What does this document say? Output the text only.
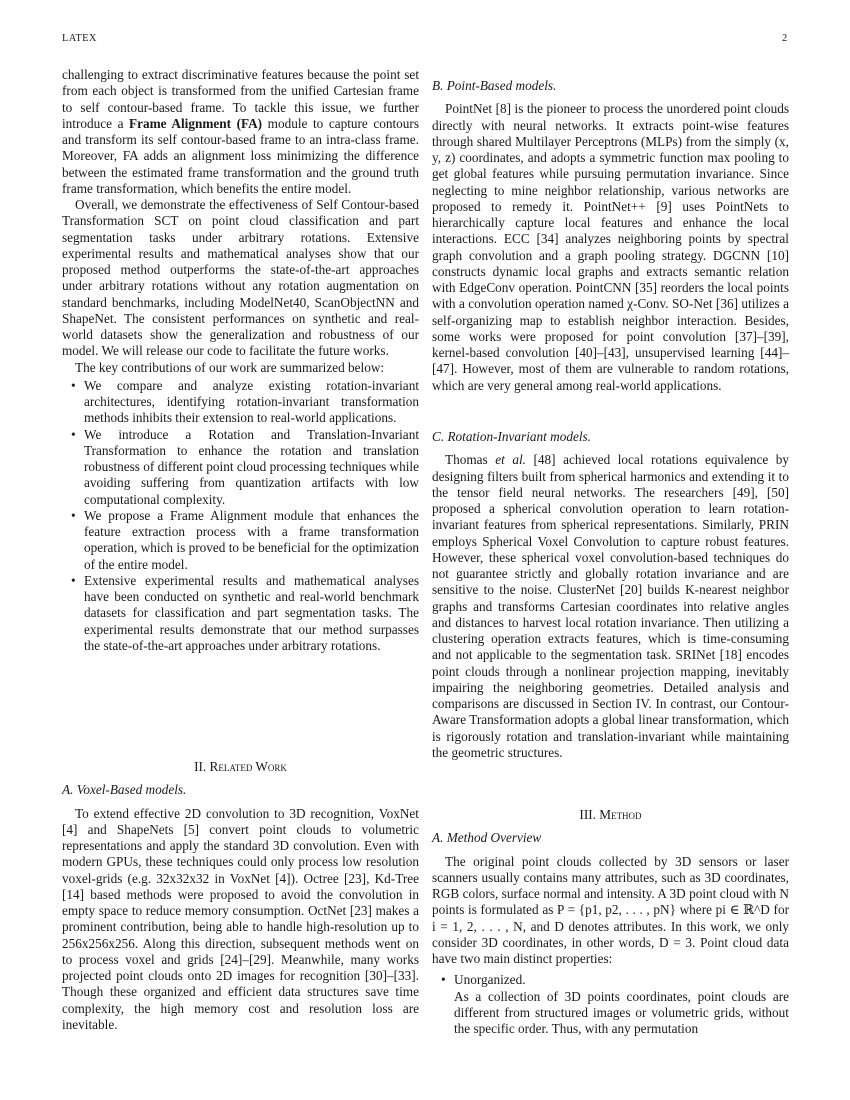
LATEX	2

challenging to extract discriminative features because the point set from each object is transformed from the unified Cartesian frame to self contour-based frame. To tackle this issue, we further introduce a Frame Alignment (FA) module to capture contours and transform its self contour-based frame to an intra-class frame. Moreover, FA adds an alignment loss minimizing the difference between the estimated frame transformation and the ground truth frame transformation, which benefits the entire model.

Overall, we demonstrate the effectiveness of Self Contour-based Transformation SCT on point cloud classification and part segmentation tasks under arbitrary rotations. Extensive experimental results and mathematical analyses show that our proposed method outperforms the state-of-the-art approaches under arbitrary rotations without any rotation augmentation on standard benchmarks, including ModelNet40, ScanObjectNN and ShapeNet. The consistent performances on synthetic and real-world datasets show the generalization and robustness of our model. We will release our code to facilitate the future works.

The key contributions of our work are summarized below:

• We compare and analyze existing rotation-invariant architectures, identifying rotation-invariant transformation methods inhibits their extension to real-world applications.
• We introduce a Rotation and Translation-Invariant Transformation to enhance the rotation and translation robustness of different point cloud processing techniques while avoiding suffering from quantization artifacts with low computational complexity.
• We propose a Frame Alignment module that enhances the feature extraction process with a frame transformation operation, which is proved to be beneficial for the optimization of the entire model.
• Extensive experimental results and mathematical analyses have been conducted on synthetic and real-world benchmark datasets for classification and part segmentation tasks. The experimental results demonstrate that our method surpasses the state-of-the-art approaches under arbitrary rotations.
II. Related Work
A. Voxel-Based models.

To extend effective 2D convolution to 3D recognition, VoxNet [4] and ShapeNets [5] convert point clouds to volumetric representations and apply the standard 3D convolution. Even with modern GPUs, these techniques could only process low resolution voxel-grids (e.g. 32x32x32 in VoxNet [4]). Octree [23], Kd-Tree [14] based methods were proposed to avoid the convolution in empty space to reduce memory consumption. OctNet [23] makes a prominent contribution, being able to handle high-resolution up to 256x256x256. Along this direction, subsequent methods went on to process voxel and grids [24]–[29]. Meanwhile, many works projected point clouds onto 2D images for recognition [30]–[33]. Though these organized and efficient data structures save time complexity, the high memory cost and resolution loss are inevitable.

B. Point-Based models.

PointNet [8] is the pioneer to process the unordered point clouds directly with neural networks. It extracts point-wise features through shared Multilayer Perceptrons (MLPs) from the simply (x, y, z) coordinates, and adopts a symmetric function max pooling to get global features while pursuing permutation invariance. Since neglecting to mine neighbor relationship, various networks are proposed to remedy it. PointNet++ [9] uses PointNets to hierarchically capture local features and enhance the local interactions. ECC [34] analyzes neighboring points by spectral graph convolution and a graph pooling strategy. DGCNN [10] constructs dynamic local graphs and extracts semantic relation with EdgeConv operation. PointCNN [35] reorders the local points with a convolution operation named χ-Conv. SO-Net [36] utilizes a self-organizing map to establish neighbor interaction. Besides, some works were proposed for point convolution [37]–[39], kernel-based convolution [40]–[43], unsupervised learning [44]–[47]. However, most of them are vulnerable to random rotations, which are very general among real-world applications.

C. Rotation-Invariant models.

Thomas et al. [48] achieved local rotations equivalence by designing filters built from spherical harmonics and extending it to the tensor field neural networks. The researchers [49], [50] proposed a spherical convolution operation to learn rotation-invariant features from spherical representations. Similarly, PRIN employs Spherical Voxel Convolution to capture robust features. However, these spherical voxel convolution-based techniques do not guarantee strictly and globally rotation invariance and are sensitive to the noise. ClusterNet [20] builds K-nearest neighbor graphs and transforms Cartesian coordinates into relative angles and distances to harvest local rotation invariance. Then utilizing a clustering operation extracts features, which is time-consuming and not applicable to the segmentation task. SRINet [18] encodes point clouds through a nonlinear projection mapping, inevitably impairing the neighboring geometries. Detailed analysis and comparisons are discussed in Section IV. In contrast, our Contour-Aware Transformation adopts a global linear transformation, which is rigorously rotation and translation-invariant while maintaining the geometric structures.

III. Method
A. Method Overview

The original point clouds collected by 3D sensors or laser scanners usually contains many attributes, such as 3D coordinates, RGB colors, surface normal and intensity. A 3D point cloud with N points is formulated as P = {p1, p2, . . . , pN} where pi ∈ ℝ^D for i = 1, 2, . . . , N, and D denotes attributes. In this work, we only consider 3D coordinates, in other words, D = 3. Point cloud data have two main distinct properties:

• Unorganized.
As a collection of 3D points coordinates, point clouds are different from structured images or volumetric grids, without the specific order. Thus, with any permutation
